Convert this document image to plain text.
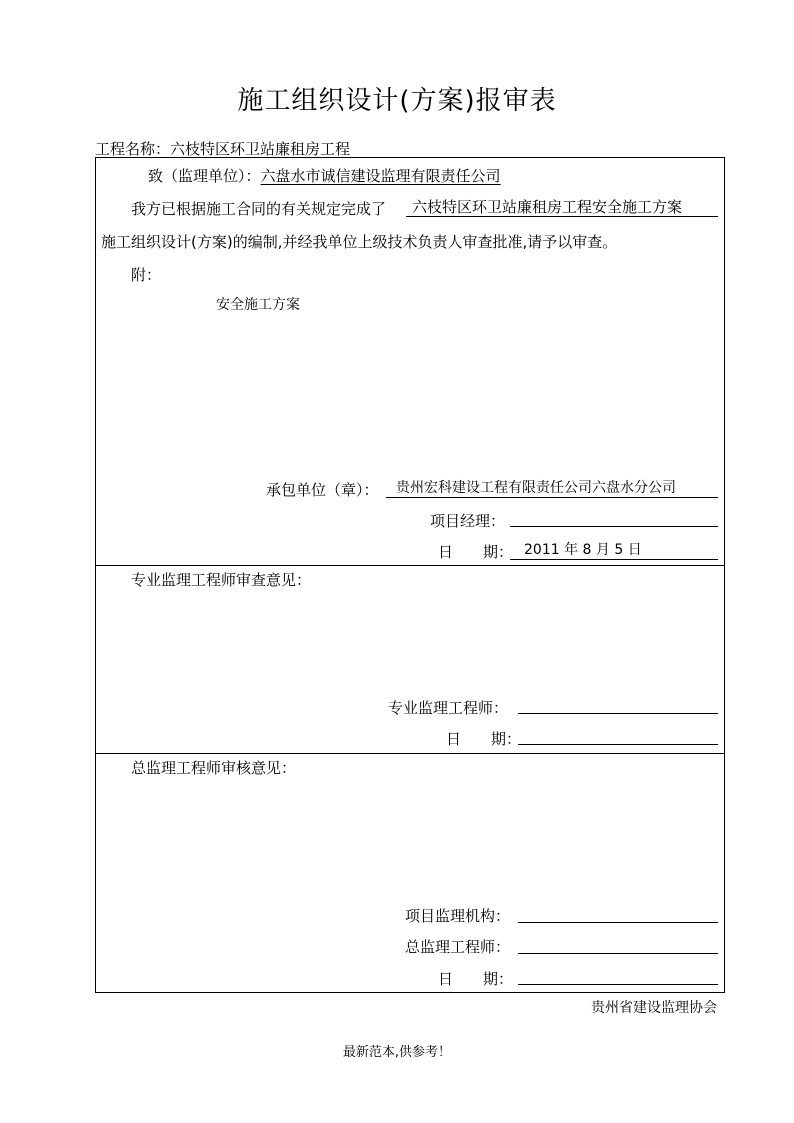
施工组织设计(方案)报审表
工程名称：六枝特区环卫站廉租房工程
致（监理单位）：六盘水市诚信建设监理有限责任公司
我方已根据施工合同的有关规定完成了	六枝特区环卫站廉租房工程安全施工方案
施工组织设计(方案)的编制,并经我单位上级技术负责人审查批准,请予以审查。
附：
安全施工方案
承包单位（章）：	贵州宏科建设工程有限责任公司六盘水分公司
项目经理：
日　　期： 2011 年 8 月 5 日
专业监理工程师审查意见：
专业监理工程师：
日　　期：
总监理工程师审核意见：
项目监理机构：
总监理工程师：
日　　期：
贵州省建设监理协会
最新范本,供参考！
